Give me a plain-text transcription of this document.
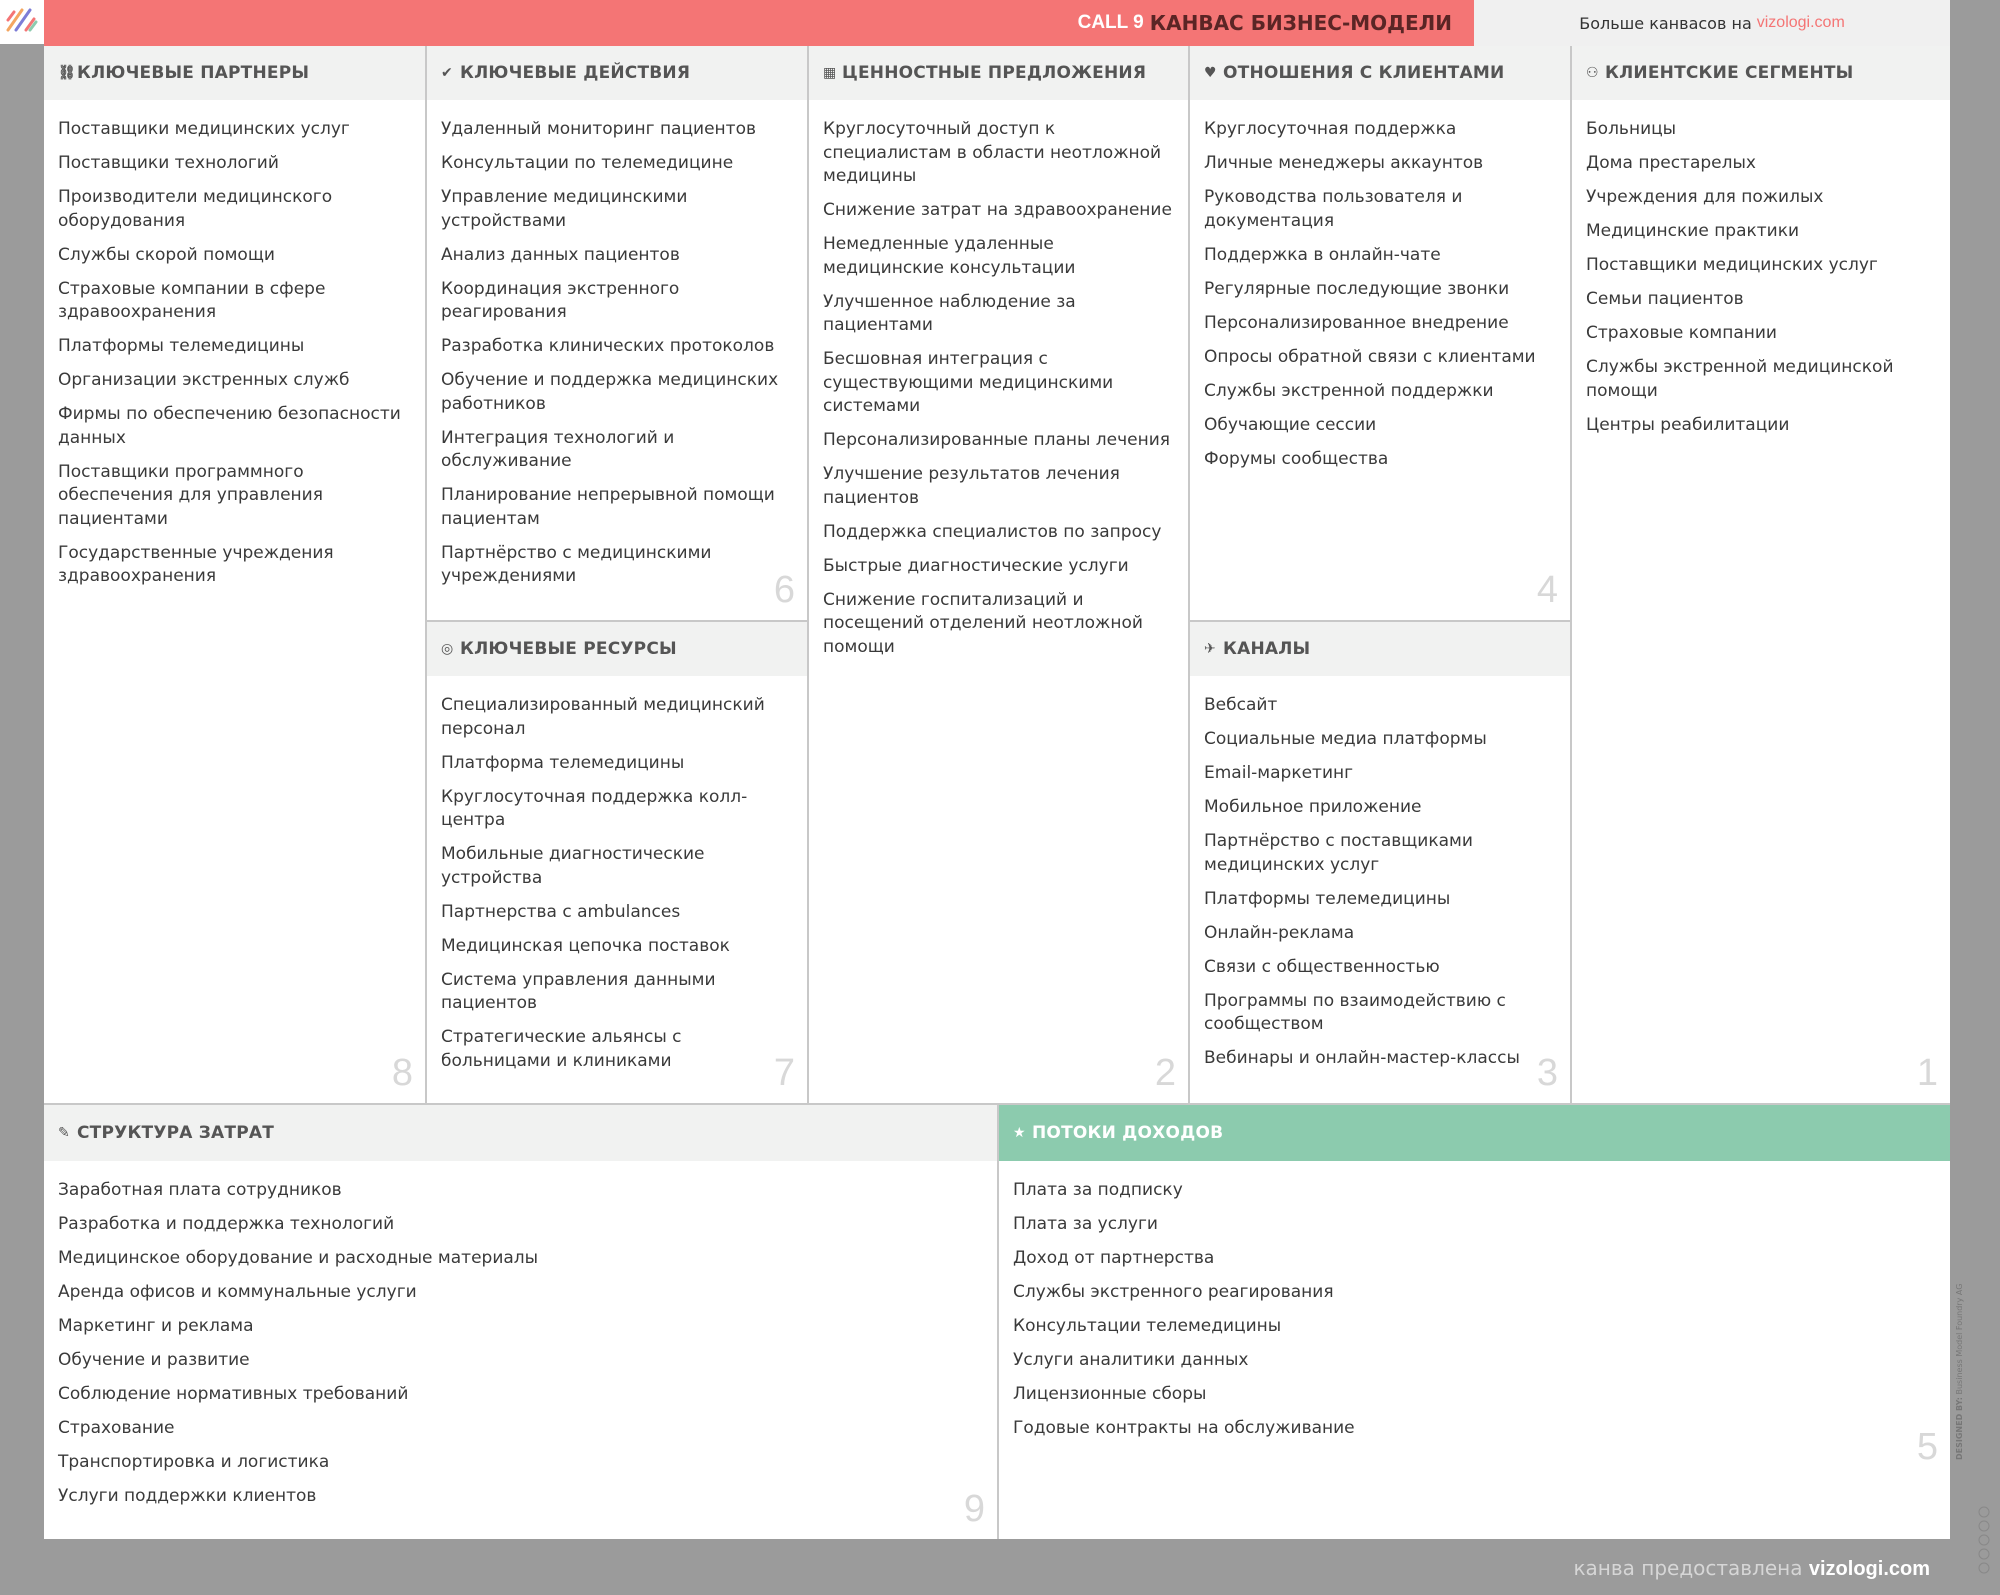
CALL 9 КАНВАС БИЗНЕС-МОДЕЛИ	Больше канвасов на vizologi.com
⛓ КЛЮЧЕВЫЕ ПАРТНЕРЫ
Поставщики медицинских услуг
Поставщики технологий
Производители медицинского оборудования
Службы скорой помощи
Страховые компании в сфере здравоохранения
Платформы телемедицины
Организации экстренных служб
Фирмы по обеспечению безопасности данных
Поставщики программного обеспечения для управления пациентами
Государственные учреждения здравоохранения
8
✔ КЛЮЧЕВЫЕ ДЕЙСТВИЯ
Удаленный мониторинг пациентов
Консультации по телемедицине
Управление медицинскими устройствами
Анализ данных пациентов
Координация экстренного реагирования
Разработка клинических протоколов
Обучение и поддержка медицинских работников
Интеграция технологий и обслуживание
Планирование непрерывной помощи пациентам
Партнёрство с медицинскими учреждениями	6
◎ КЛЮЧЕВЫЕ РЕСУРСЫ
Специализированный медицинский персонал
Платформа телемедицины
Круглосуточная поддержка колл-центра
Мобильные диагностические устройства
Партнерства с ambulances
Медицинская цепочка поставок
Система управления данными пациентов
Стратегические альянсы с больницами и клиниками	7
▦ ЦЕННОСТНЫЕ ПРЕДЛОЖЕНИЯ
Круглосуточный доступ к специалистам в области неотложной медицины
Снижение затрат на здравоохранение
Немедленные удаленные медицинские консультации
Улучшенное наблюдение за пациентами
Бесшовная интеграция с существующими медицинскими системами
Персонализированные планы лечения
Улучшение результатов лечения пациентов
Поддержка специалистов по запросу
Быстрые диагностические услуги
Снижение госпитализаций и посещений отделений неотложной помощи
2
♥ ОТНОШЕНИЯ С КЛИЕНТАМИ
Круглосуточная поддержка
Личные менеджеры аккаунтов
Руководства пользователя и документация
Поддержка в онлайн-чате
Регулярные последующие звонки
Персонализированное внедрение
Опросы обратной связи с клиентами
Службы экстренной поддержки
Обучающие сессии
Форумы сообщества
4
✈ КАНАЛЫ
Вебсайт
Социальные медиа платформы
Email-маркетинг
Мобильное приложение
Партнёрство с поставщиками медицинских услуг
Платформы телемедицины
Онлайн-реклама
Связи с общественностью
Программы по взаимодействию с сообществом
Вебинары и онлайн-мастер-классы 3
⚇ КЛИЕНТСКИЕ СЕГМЕНТЫ
Больницы
Дома престарелых
Учреждения для пожилых
Медицинские практики
Поставщики медицинских услуг
Семьи пациентов
Страховые компании
Службы экстренной медицинской помощи
Центры реабилитации
1
✎ СТРУКТУРА ЗАТРАТ
Заработная плата сотрудников
Разработка и поддержка технологий
Медицинское оборудование и расходные материалы
Аренда офисов и коммунальные услуги
Маркетинг и реклама
Обучение и развитие
Соблюдение нормативных требований
Страхование
Транспортировка и логистика
Услуги поддержки клиентов	9
★ ПОТОКИ ДОХОДОВ
Плата за подписку
Плата за услуги
Доход от партнерства
Службы экстренного реагирования
Консультации телемедицины
Услуги аналитики данных
Лицензионные сборы
Годовые контракты на обслуживание	5 DESIGNED BY: Business Model Foundry AG
канва предоставлена vizologi.com
